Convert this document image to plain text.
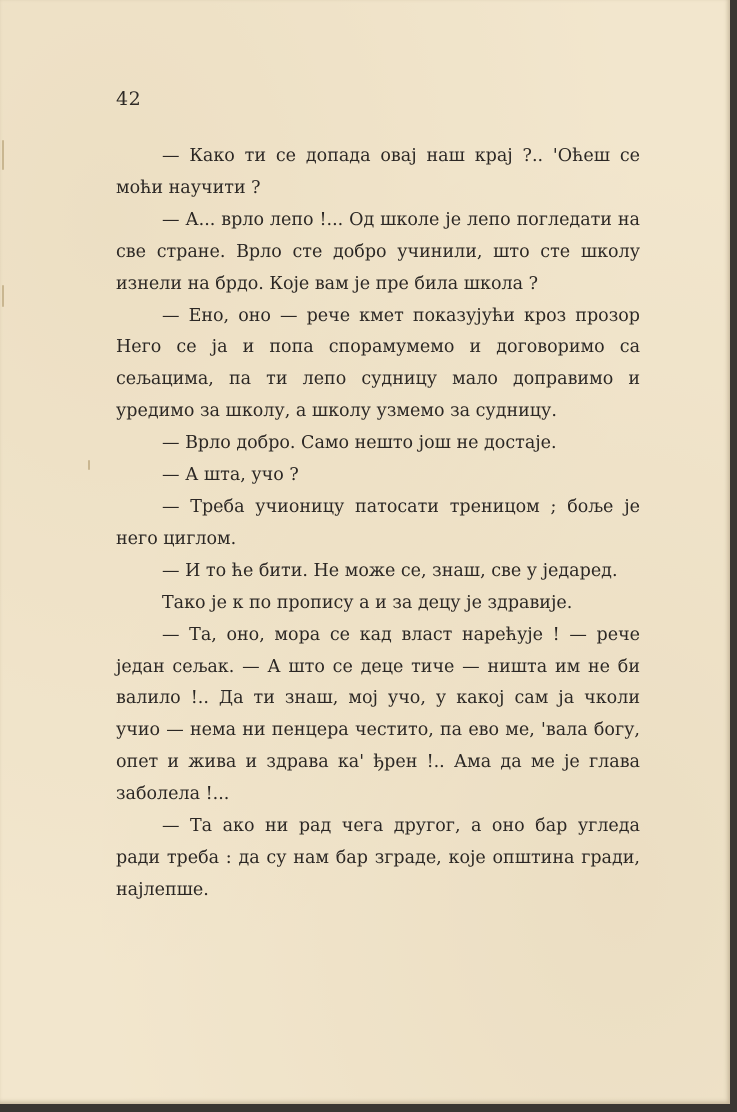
42

— Како ти се допада овај наш крај ?.. 'Оћеш се моћи научити ?

— А... врло лепо !... Од школе је лепо погледати на све стране. Врло сте добро учинили, што сте школу изнели на брдо. Које вам је пре била школа ?

— Ено, оно — рече кмет показујући кроз прозор Него се ја и попа спорамумемо и договоримо са сељацима, па ти лепо судницу мало доправимо и уредимо за школу, а школу узмемо за судницу.

— Врло добро. Само нешто још не достаје.

— А шта, учо ?

— Треба учионицу патосати треницом ; боље је него циглом.

— И то ће бити. Не може се, знаш, све у једаред.

Тако је к по пропису а и за децу је здравије.

— Та, оно, мора се кад власт нарећује ! — рече један сељак. — А што се деце тиче — ништа им не би валило !.. Да ти знаш, мој учо, у какој сам ја чколи учио — нема ни пенцера честито, па ево ме, 'вала богу, опет и жива и здрава ка' ђрен !.. Ама да ме је глава заболела !...

— Та ако ни рад чега другог, а оно бар угледа ради треба : да су нам бар зграде, које општина гради, најлепше.
